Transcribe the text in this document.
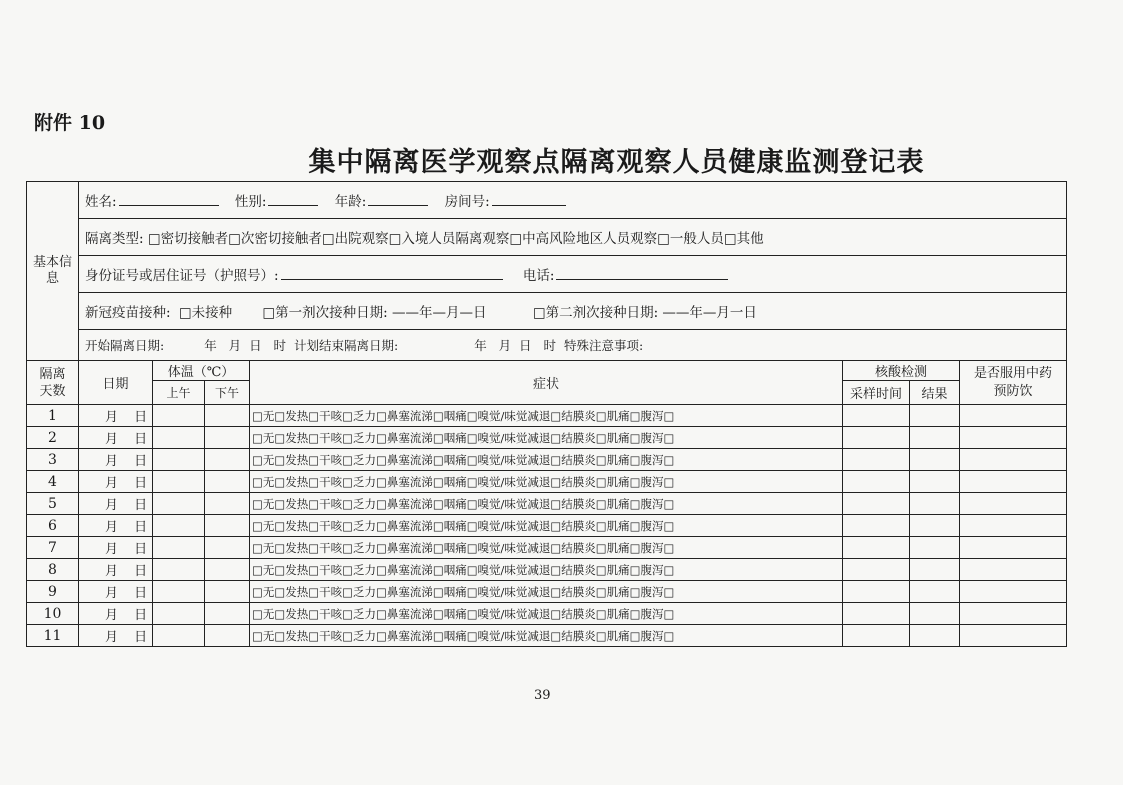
附件 10
集中隔离医学观察点隔离观察人员健康监测登记表
基本信息	姓名: 性别: 年龄: 房间号:						
	隔离类型: □密切接触者□次密切接触者□出院观察□入境人员隔离观察□中高风险地区人员观察□一般人员□其他						
	身份证号或居住证号（护照号）: 电话:						
	新冠疫苗接种: □未接种 □第一剂次接种日期: ——年—月—日 □第二剂次接种日期: ——年—月一日						
	开始隔离日期: 年   月  日   时 计划结束隔离日期: 年   月  日   时 特殊注意事项:						
隔离天数	日期	体温（℃）		症状	核酸检测		是否服用中药预防饮
		上午	下午		采样时间	结果	
1	月 日			□无□发热□干咳□乏力□鼻塞流涕□咽痛□嗅觉/味觉减退□结膜炎□肌痛□腹泻□			
2	月 日			□无□发热□干咳□乏力□鼻塞流涕□咽痛□嗅觉/味觉减退□结膜炎□肌痛□腹泻□			
3	月 日			□无□发热□干咳□乏力□鼻塞流涕□咽痛□嗅觉/味觉减退□结膜炎□肌痛□腹泻□			
4	月 日			□无□发热□干咳□乏力□鼻塞流涕□咽痛□嗅觉/味觉减退□结膜炎□肌痛□腹泻□			
5	月 日			□无□发热□干咳□乏力□鼻塞流涕□咽痛□嗅觉/味觉减退□结膜炎□肌痛□腹泻□			
6	月 日			□无□发热□干咳□乏力□鼻塞流涕□咽痛□嗅觉/味觉减退□结膜炎□肌痛□腹泻□			
7	月 日			□无□发热□干咳□乏力□鼻塞流涕□咽痛□嗅觉/味觉减退□结膜炎□肌痛□腹泻□			
8	月 日			□无□发热□干咳□乏力□鼻塞流涕□咽痛□嗅觉/味觉减退□结膜炎□肌痛□腹泻□			
9	月 日			□无□发热□干咳□乏力□鼻塞流涕□咽痛□嗅觉/味觉减退□结膜炎□肌痛□腹泻□			
10	月 日			□无□发热□干咳□乏力□鼻塞流涕□咽痛□嗅觉/味觉减退□结膜炎□肌痛□腹泻□			
11	月 日			□无□发热□干咳□乏力□鼻塞流涕□咽痛□嗅觉/味觉减退□结膜炎□肌痛□腹泻□			
39
